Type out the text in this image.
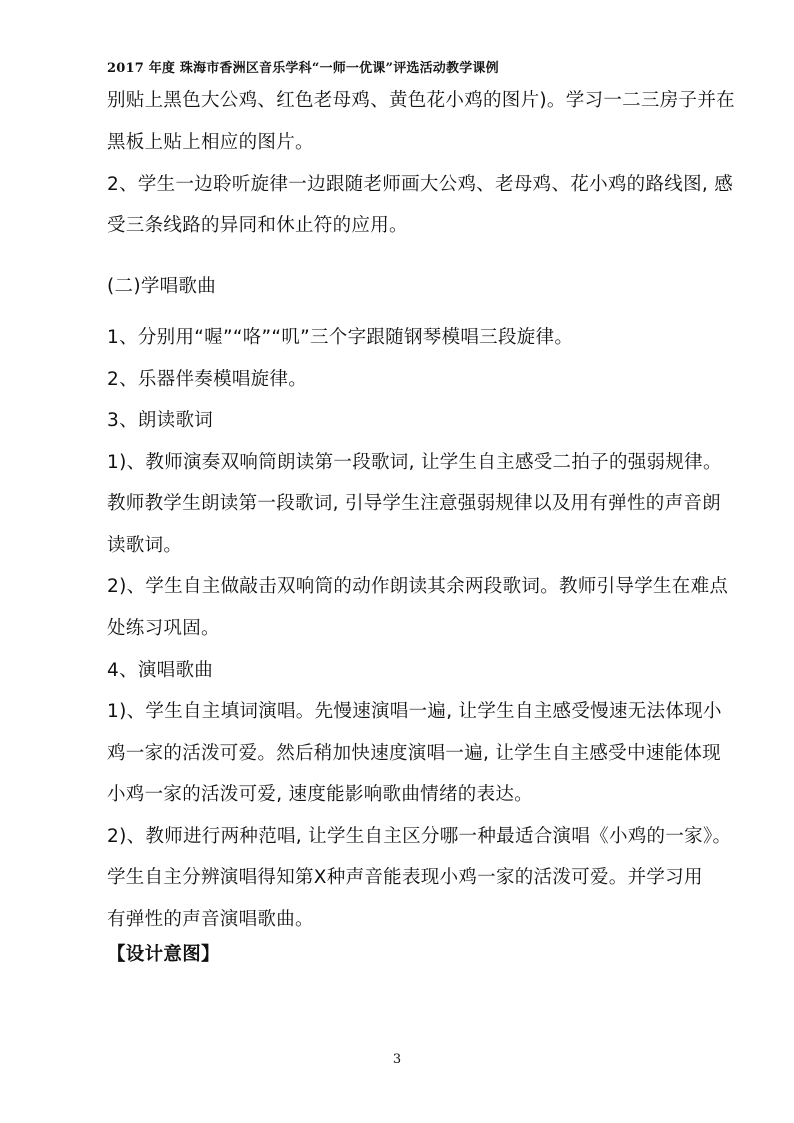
2017 年度 珠海市香洲区音乐学科“一师一优课”评选活动教学课例
别贴上黑色大公鸡、红色老母鸡、黄色花小鸡的图片)。学习一二三房子并在
黑板上贴上相应的图片。
2、学生一边聆听旋律一边跟随老师画大公鸡、老母鸡、花小鸡的路线图, 感
受三条线路的异同和休止符的应用。
(二)学唱歌曲
1、分别用“喔”“咯”“叽”三个字跟随钢琴模唱三段旋律。
2、乐器伴奏模唱旋律。
3、朗读歌词
1)、教师演奏双响筒朗读第一段歌词, 让学生自主感受二拍子的强弱规律。
教师教学生朗读第一段歌词, 引导学生注意强弱规律以及用有弹性的声音朗
读歌词。
2)、学生自主做敲击双响筒的动作朗读其余两段歌词。教师引导学生在难点
处练习巩固。
4、演唱歌曲
1)、学生自主填词演唱。先慢速演唱一遍, 让学生自主感受慢速无法体现小
鸡一家的活泼可爱。然后稍加快速度演唱一遍, 让学生自主感受中速能体现
小鸡一家的活泼可爱, 速度能影响歌曲情绪的表达。
2)、教师进行两种范唱, 让学生自主区分哪一种最适合演唱《小鸡的一家》。
学生自主分辨演唱得知第X种声音能表现小鸡一家的活泼可爱。并学习用
有弹性的声音演唱歌曲。
【设计意图】
3
